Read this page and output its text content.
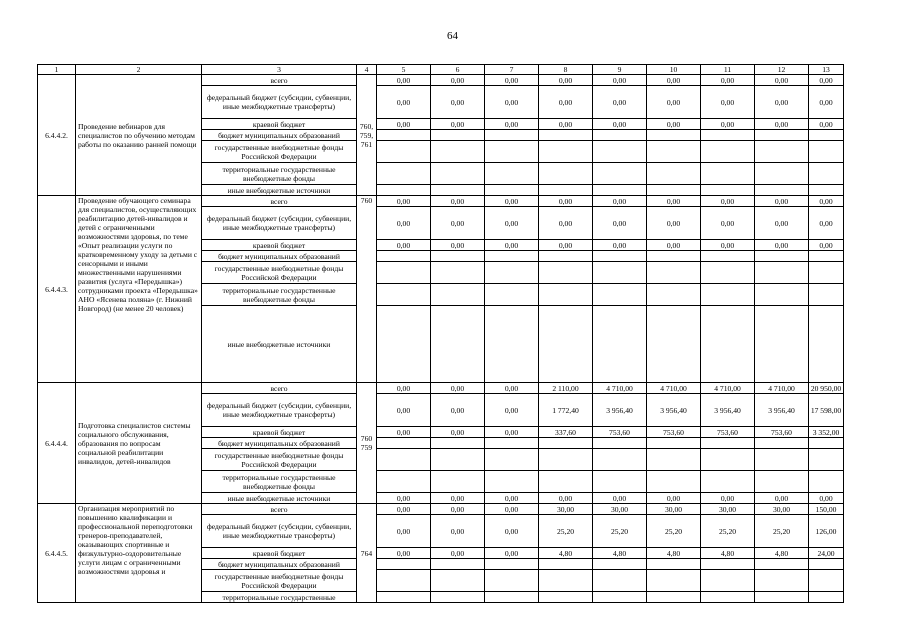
64
1	2	3	4	5	6	7	8	9	10	11	12	13
6.4.4.2.	Проведение вебинаров для специалистов по обучению методам работы по оказанию ранней помощи	всего	760, 759, 761	0,00	0,00	0,00	0,00	0,00	0,00	0,00	0,00	0,00
		федеральный бюджет (субсидии, субвенции, иные межбюджетные трансферты)		0,00	0,00	0,00	0,00	0,00	0,00	0,00	0,00	0,00
		краевой бюджет		0,00	0,00	0,00	0,00	0,00	0,00	0,00	0,00	0,00
		бюджет муниципальных образований										
		государственные внебюджетные фонды Российской Федерации										
		территориальные государственные внебюджетные фонды										
		иные внебюджетные источники										
6.4.4.3.	Проведение обучающего семинара для специалистов, осуществляющих реабилитацию детей-инвалидов и детей с ограниченными возможностями здоровья, по теме «Опыт реализации услуги по кратковременному уходу за детьми с сенсорными и иными множественными нарушениями развития (услуга «Передышка») сотрудниками проекта «Передышка» АНО «Ясенева поляна» (г. Нижний Новгород) (не менее 20 человек)	всего	760	0,00	0,00	0,00	0,00	0,00	0,00	0,00	0,00	0,00
		федеральный бюджет (субсидии, субвенции, иные межбюджетные трансферты)		0,00	0,00	0,00	0,00	0,00	0,00	0,00	0,00	0,00
		краевой бюджет		0,00	0,00	0,00	0,00	0,00	0,00	0,00	0,00	0,00
		бюджет муниципальных образований										
		государственные внебюджетные фонды Российской Федерации										
		территориальные государственные внебюджетные фонды										
		иные внебюджетные источники										
6.4.4.4.	Подготовка специалистов системы социального обслуживания, образования по вопросам социальной реабилитации инвалидов, детей-инвалидов	всего	760 759	0,00	0,00	0,00	2 110,00	4 710,00	4 710,00	4 710,00	4 710,00	20 950,00
		федеральный бюджет (субсидии, субвенции, иные межбюджетные трансферты)		0,00	0,00	0,00	1 772,40	3 956,40	3 956,40	3 956,40	3 956,40	17 598,00
		краевой бюджет		0,00	0,00	0,00	337,60	753,60	753,60	753,60	753,60	3 352,00
		бюджет муниципальных образований										
		государственные внебюджетные фонды Российской Федерации										
		территориальные государственные внебюджетные фонды										
		иные внебюджетные источники		0,00	0,00	0,00	0,00	0,00	0,00	0,00	0,00	0,00
6.4.4.5.	Организация мероприятий по повышению квалификации и профессиональной переподготовки тренеров-преподавателей, оказывающих спортивные и физкультурно-оздоровительные услуги лицам с ограниченными возможностями здоровья и	всего	764	0,00	0,00	0,00	30,00	30,00	30,00	30,00	30,00	150,00
		федеральный бюджет (субсидии, субвенции, иные межбюджетные трансферты)		0,00	0,00	0,00	25,20	25,20	25,20	25,20	25,20	126,00
		краевой бюджет		0,00	0,00	0,00	4,80	4,80	4,80	4,80	4,80	24,00
		бюджет муниципальных образований										
		государственные внебюджетные фонды Российской Федерации										
		территориальные государственные										
